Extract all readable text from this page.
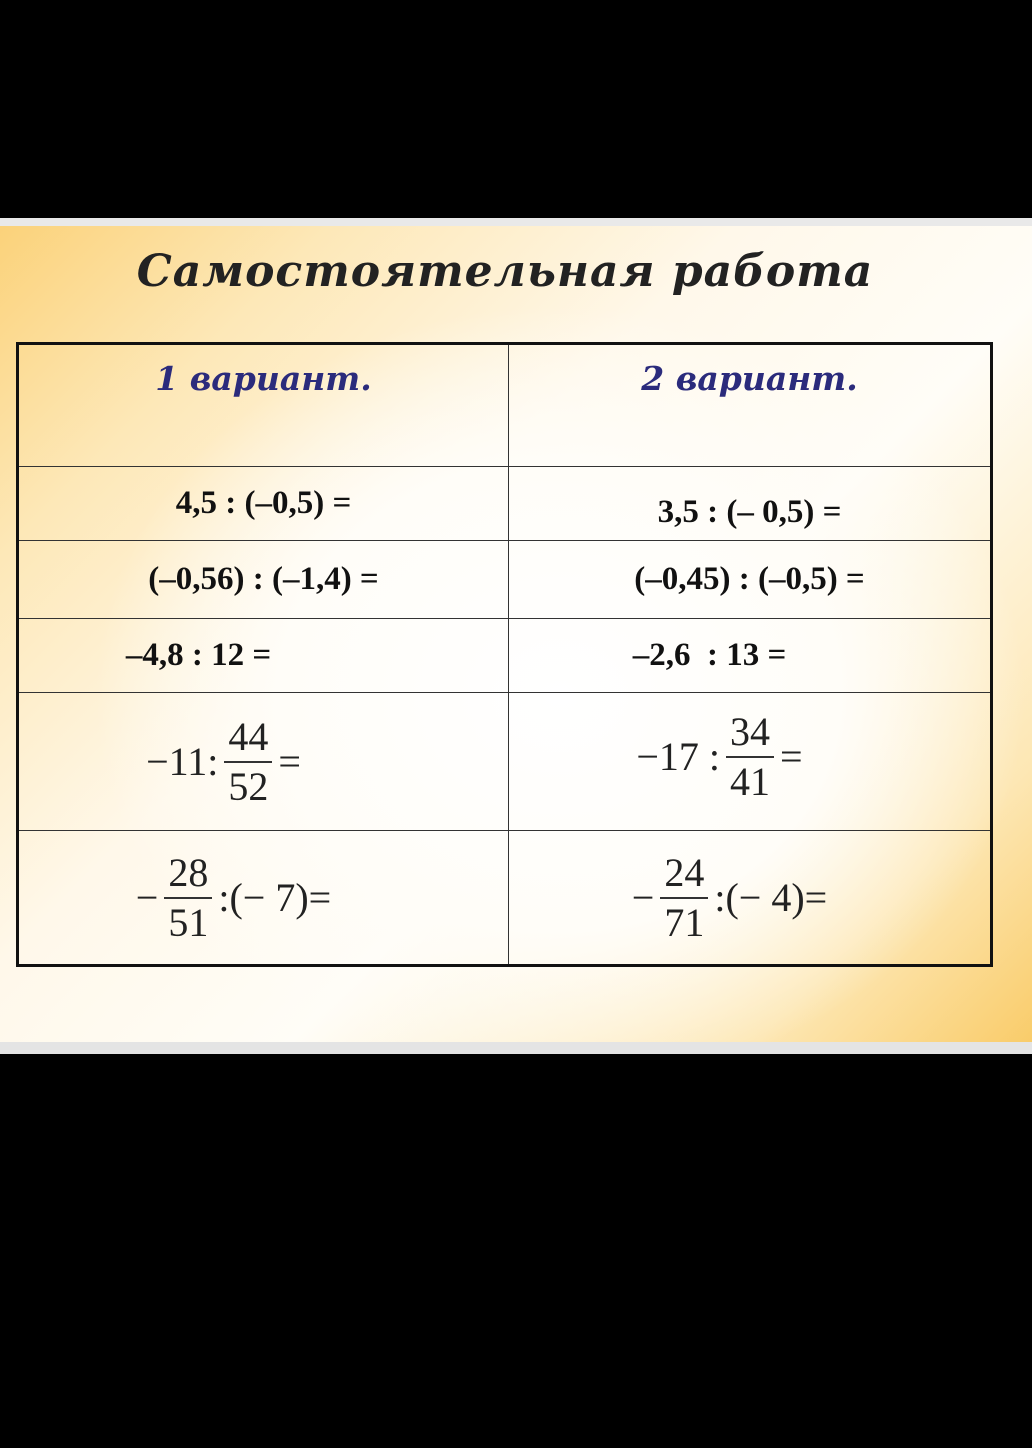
Самостоятельная работа
1 вариант.	2 вариант.
4,5 : (–0,5) =	3,5 : (– 0,5) =
(–0,56) : (–1,4) =	(–0,45) : (–0,5) =
–4,8 : 12 =	–2,6  : 13 =

−11: $\frac{44}{52}$ =	−17 : $\frac{34}{41}$ =

− $\frac{28}{51}$ :(− 7)=	− $\frac{24}{71}$ :(− 4)=
